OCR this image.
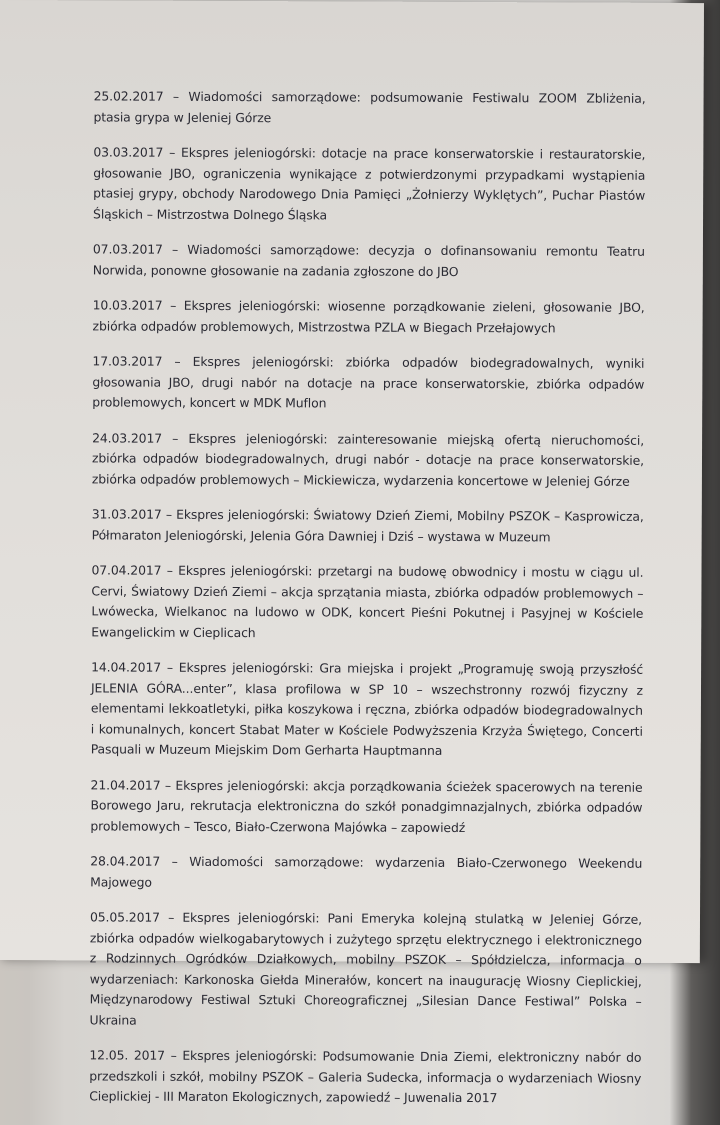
25.02.2017 – Wiadomości samorządowe: podsumowanie Festiwalu ZOOM Zbliżenia, ptasia grypa w Jeleniej Górze

03.03.2017 – Ekspres jeleniogórski: dotacje na prace konserwatorskie i restauratorskie, głosowanie JBO, ograniczenia wynikające z potwierdzonymi przypadkami wystąpienia ptasiej grypy, obchody Narodowego Dnia Pamięci „Żołnierzy Wyklętych”, Puchar Piastów Śląskich – Mistrzostwa Dolnego Śląska

07.03.2017 – Wiadomości samorządowe: decyzja o dofinansowaniu remontu Teatru Norwida, ponowne głosowanie na zadania zgłoszone do JBO

10.03.2017 – Ekspres jeleniogórski: wiosenne porządkowanie zieleni, głosowanie JBO, zbiórka odpadów problemowych, Mistrzostwa PZLA w Biegach Przełajowych

17.03.2017 – Ekspres jeleniogórski: zbiórka odpadów biodegradowalnych, wyniki głosowania JBO, drugi nabór na dotacje na prace konserwatorskie, zbiórka odpadów problemowych, koncert w MDK Muflon

24.03.2017 – Ekspres jeleniogórski: zainteresowanie miejską ofertą nieruchomości, zbiórka odpadów biodegradowalnych, drugi nabór - dotacje na prace konserwatorskie, zbiórka odpadów problemowych – Mickiewicza, wydarzenia koncertowe w Jeleniej Górze

31.03.2017 – Ekspres jeleniogórski: Światowy Dzień Ziemi, Mobilny PSZOK – Kasprowicza, Półmaraton Jeleniogórski, Jelenia Góra Dawniej i Dziś – wystawa w Muzeum

07.04.2017 – Ekspres jeleniogórski: przetargi na budowę obwodnicy i mostu w ciągu ul. Cervi, Światowy Dzień Ziemi – akcja sprzątania miasta, zbiórka odpadów problemowych – Lwówecka, Wielkanoc na ludowo w ODK, koncert Pieśni Pokutnej i Pasyjnej w Kościele Ewangelickim w Cieplicach

14.04.2017 – Ekspres jeleniogórski: Gra miejska i projekt „Programuję swoją przyszłość JELENIA GÓRA...enter”, klasa profilowa w SP 10 – wszechstronny rozwój fizyczny z elementami lekkoatletyki, piłka koszykowa i ręczna, zbiórka odpadów biodegradowalnych i komunalnych, koncert Stabat Mater w Kościele Podwyższenia Krzyża Świętego, Concerti Pasquali w Muzeum Miejskim Dom Gerharta Hauptmanna

21.04.2017 – Ekspres jeleniogórski: akcja porządkowania ścieżek spacerowych na terenie Borowego Jaru, rekrutacja elektroniczna do szkół ponadgimnazjalnych, zbiórka odpadów problemowych – Tesco, Biało-Czerwona Majówka – zapowiedź

28.04.2017 – Wiadomości samorządowe: wydarzenia Biało-Czerwonego Weekendu Majowego

05.05.2017 – Ekspres jeleniogórski: Pani Emeryka kolejną stulatką w Jeleniej Górze, zbiórka odpadów wielkogabarytowych i zużytego sprzętu elektrycznego i elektronicznego z Rodzinnych Ogródków Działkowych, mobilny PSZOK – Spółdzielcza, informacja o wydarzeniach: Karkonoska Giełda Minerałów, koncert na inaugurację Wiosny Cieplickiej, Międzynarodowy Festiwal Sztuki Choreograficznej „Silesian Dance Festiwal” Polska – Ukraina

12.05. 2017 – Ekspres jeleniogórski: Podsumowanie Dnia Ziemi, elektroniczny nabór do przedszkoli i szkół, mobilny PSZOK – Galeria Sudecka, informacja o wydarzeniach Wiosny Cieplickiej - III Maraton Ekologicznych, zapowiedź – Juwenalia 2017
